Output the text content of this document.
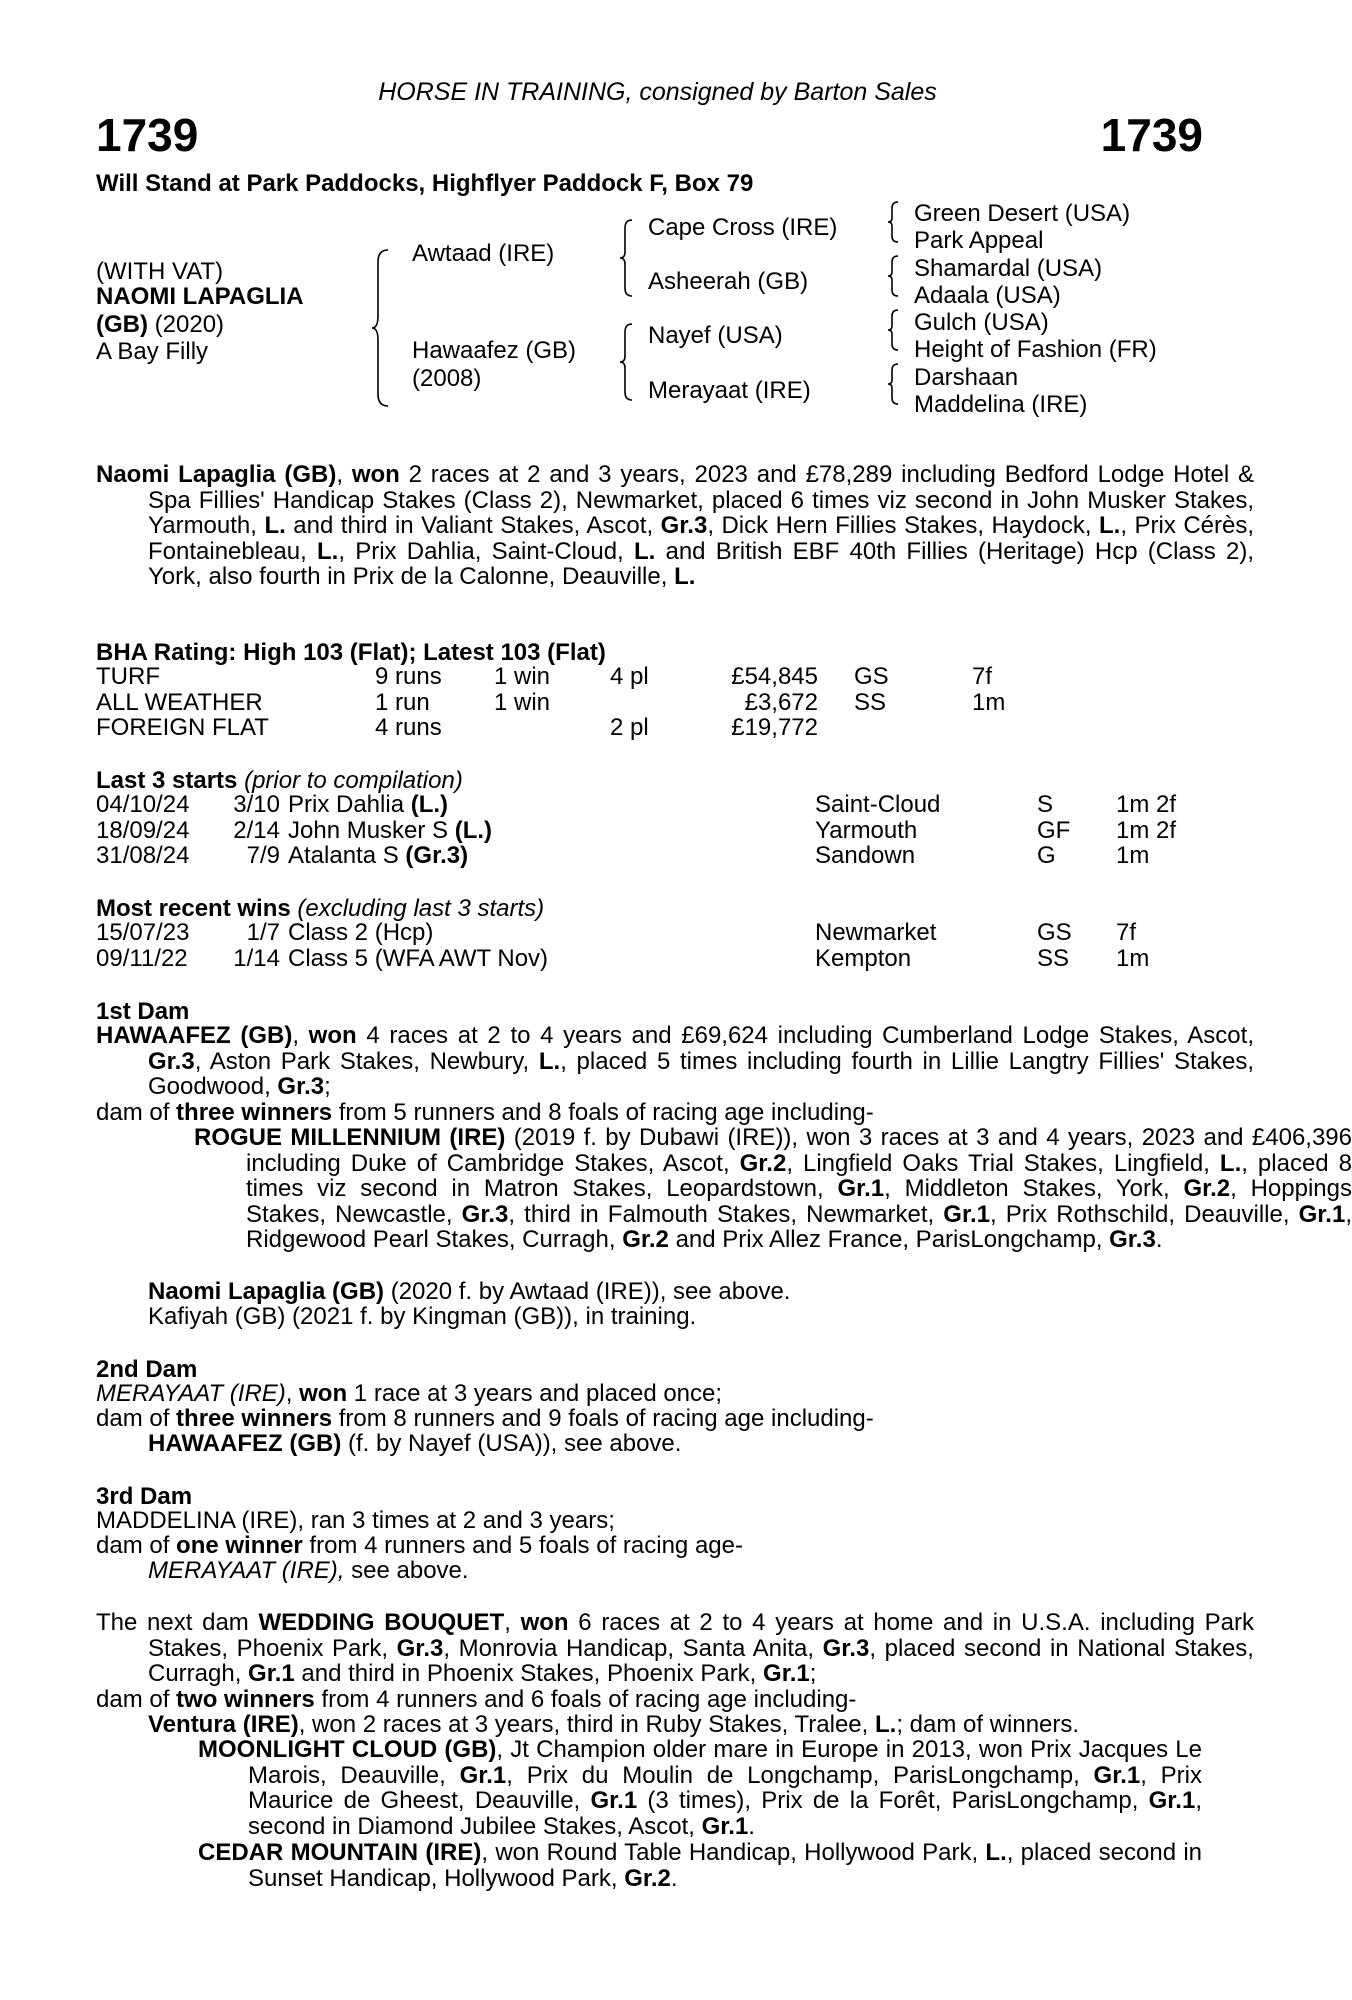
HORSE IN TRAINING, consigned by Barton Sales
1739	1739
Will Stand at Park Paddocks, Highflyer Paddock F, Box 79
(WITH VAT)
NAOMI LAPAGLIA
(GB) (2020)
A Bay Filly
Awtaad (IRE)
Hawaafez (GB)
(2008)
Cape Cross (IRE)
Asheerah (GB)
Nayef (USA)
Merayaat (IRE)
Green Desert (USA)
Park Appeal
Shamardal (USA)
Adaala (USA)
Gulch (USA)
Height of Fashion (FR)
Darshaan
Maddelina (IRE)
Naomi Lapaglia (GB), won 2 races at 2 and 3 years, 2023 and £78,289 including Bedford Lodge Hotel & Spa Fillies' Handicap Stakes (Class 2), Newmarket, placed 6 times viz second in John Musker Stakes, Yarmouth, L. and third in Valiant Stakes, Ascot, Gr.3, Dick Hern Fillies Stakes, Haydock, L., Prix Cérès, Fontainebleau, L., Prix Dahlia, Saint-Cloud, L. and British EBF 40th Fillies (Heritage) Hcp (Class 2), York, also fourth in Prix de la Calonne, Deauville, L.
BHA Rating: High 103 (Flat); Latest 103 (Flat)
TURF	9 runs 1 win 4 pl	£54,845 GS	7f
ALL WEATHER	1 run	1 win	£3,672 SS	1m
FOREIGN FLAT	4 runs	2 pl	£19,772
Last 3 starts (prior to compilation)
04/10/24	3/10 Prix Dahlia (L.)	Saint-Cloud	S	1m 2f
18/09/24	2/14 John Musker S (L.)	Yarmouth	GF 1m 2f
31/08/24	7/9 Atalanta S (Gr.3)	Sandown	G	1m
Most recent wins (excluding last 3 starts)
15/07/23	1/7 Class 2 (Hcp)	Newmarket	GS 7f
09/11/22	1/14 Class 5 (WFA AWT Nov)	Kempton	SS 1m
1st Dam
HAWAAFEZ (GB), won 4 races at 2 to 4 years and £69,624 including Cumberland Lodge Stakes, Ascot, Gr.3, Aston Park Stakes, Newbury, L., placed 5 times including fourth in Lillie Langtry Fillies' Stakes, Goodwood, Gr.3;
dam of three winners from 5 runners and 8 foals of racing age including-
ROGUE MILLENNIUM (IRE) (2019 f. by Dubawi (IRE)), won 3 races at 3 and 4 years, 2023 and £406,396 including Duke of Cambridge Stakes, Ascot, Gr.2, Lingfield Oaks Trial Stakes, Lingfield, L., placed 8 times viz second in Matron Stakes, Leopardstown, Gr.1, Middleton Stakes, York, Gr.2, Hoppings Stakes, Newcastle, Gr.3, third in Falmouth Stakes, Newmarket, Gr.1, Prix Rothschild, Deauville, Gr.1, Ridgewood Pearl Stakes, Curragh, Gr.2 and Prix Allez France, ParisLongchamp, Gr.3.
Naomi Lapaglia (GB) (2020 f. by Awtaad (IRE)), see above.
Kafiyah (GB) (2021 f. by Kingman (GB)), in training.
2nd Dam
MERAYAAT (IRE), won 1 race at 3 years and placed once;
dam of three winners from 8 runners and 9 foals of racing age including-
HAWAAFEZ (GB) (f. by Nayef (USA)), see above.
3rd Dam
MADDELINA (IRE), ran 3 times at 2 and 3 years;
dam of one winner from 4 runners and 5 foals of racing age-
MERAYAAT (IRE), see above.
The next dam WEDDING BOUQUET, won 6 races at 2 to 4 years at home and in U.S.A. including Park Stakes, Phoenix Park, Gr.3, Monrovia Handicap, Santa Anita, Gr.3, placed second in National Stakes, Curragh, Gr.1 and third in Phoenix Stakes, Phoenix Park, Gr.1;
dam of two winners from 4 runners and 6 foals of racing age including-
Ventura (IRE), won 2 races at 3 years, third in Ruby Stakes, Tralee, L.; dam of winners.
MOONLIGHT CLOUD (GB), Jt Champion older mare in Europe in 2013, won Prix Jacques Le Marois, Deauville, Gr.1, Prix du Moulin de Longchamp, ParisLongchamp, Gr.1, Prix Maurice de Gheest, Deauville, Gr.1 (3 times), Prix de la Forêt, ParisLongchamp, Gr.1, second in Diamond Jubilee Stakes, Ascot, Gr.1.
CEDAR MOUNTAIN (IRE), won Round Table Handicap, Hollywood Park, L., placed second in Sunset Handicap, Hollywood Park, Gr.2.
